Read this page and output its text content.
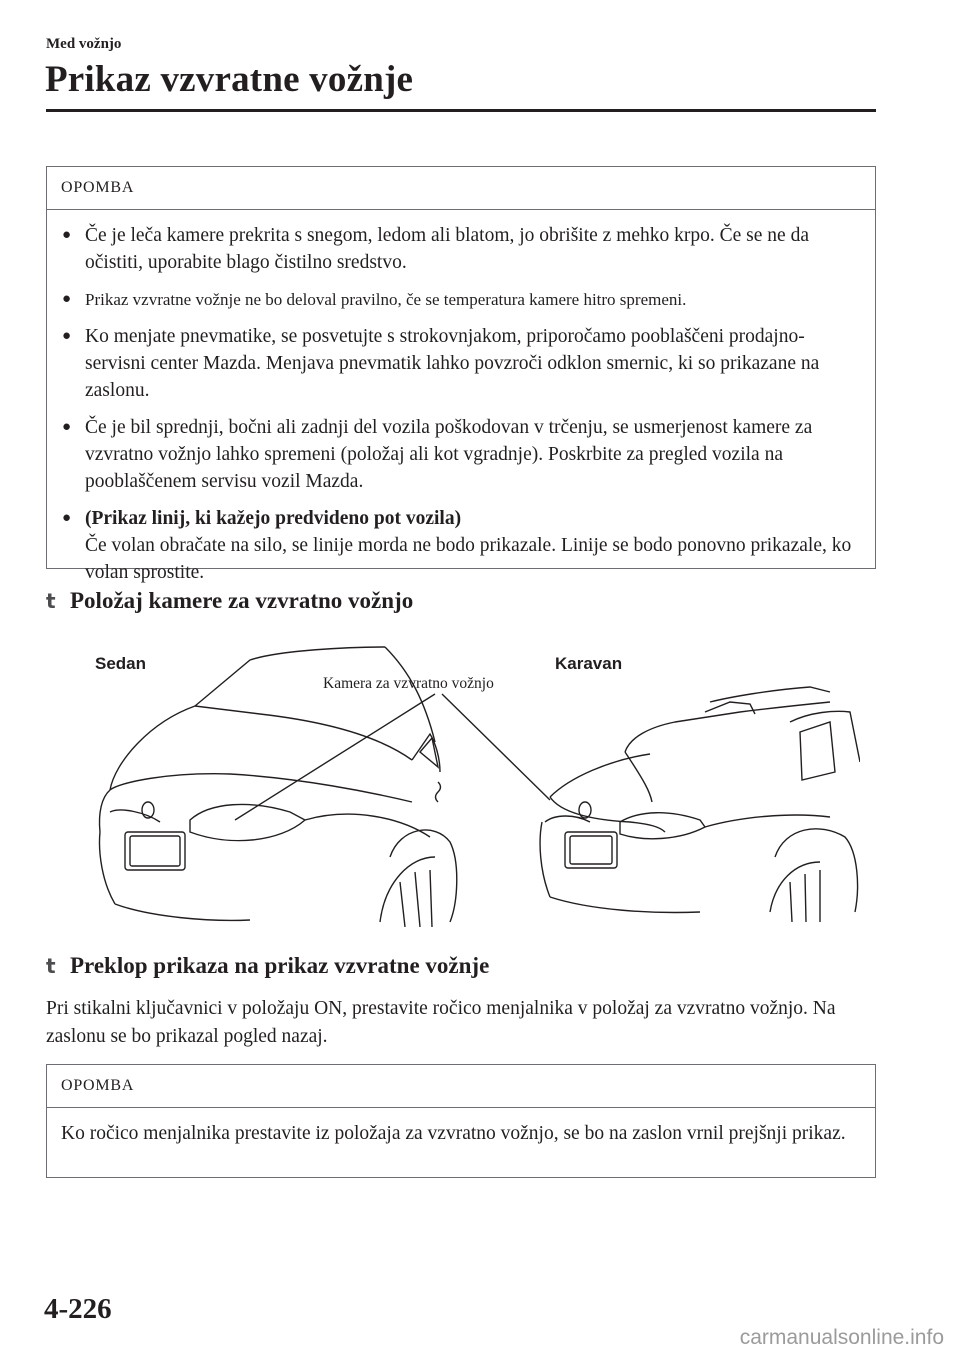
Med vožnjo
Prikaz vzvratne vožnje
OPOMBA
● Če je leča kamere prekrita s snegom, ledom ali blatom, jo obrišite z mehko krpo. Če se ne da očistiti, uporabite blago čistilno sredstvo.
● Prikaz vzvratne vožnje ne bo deloval pravilno, če se temperatura kamere hitro spremeni.
● Ko menjate pnevmatike, se posvetujte s strokovnjakom, priporočamo pooblaščeni prodajno-servisni center Mazda. Menjava pnevmatik lahko povzroči odklon smernic, ki so prikazane na zaslonu.
● Če je bil sprednji, bočni ali zadnji del vozila poškodovan v trčenju, se usmerjenost kamere za vzvratno vožnjo lahko spremeni (položaj ali kot vgradnje). Poskrbite za pregled vozila na pooblaščenem servisu vozil Mazda.
● (Prikaz linij, ki kažejo predvideno pot vozila)
Če volan obračate na silo, se linije morda ne bodo prikazale. Linije se bodo ponovno prikazale, ko volan sprostite.
t Položaj kamere za vzvratno vožnjo
Sedan	Karavan
Kamera za vzvratno vožnjo
t Preklop prikaza na prikaz vzvratne vožnje
Pri stikalni ključavnici v položaju ON, prestavite ročico menjalnika v položaj za vzvratno vožnjo. Na zaslonu se bo prikazal pogled nazaj.
OPOMBA
Ko ročico menjalnika prestavite iz položaja za vzvratno vožnjo, se bo na zaslon vrnil prejšnji prikaz.
4-226
carmanualsonline.info
